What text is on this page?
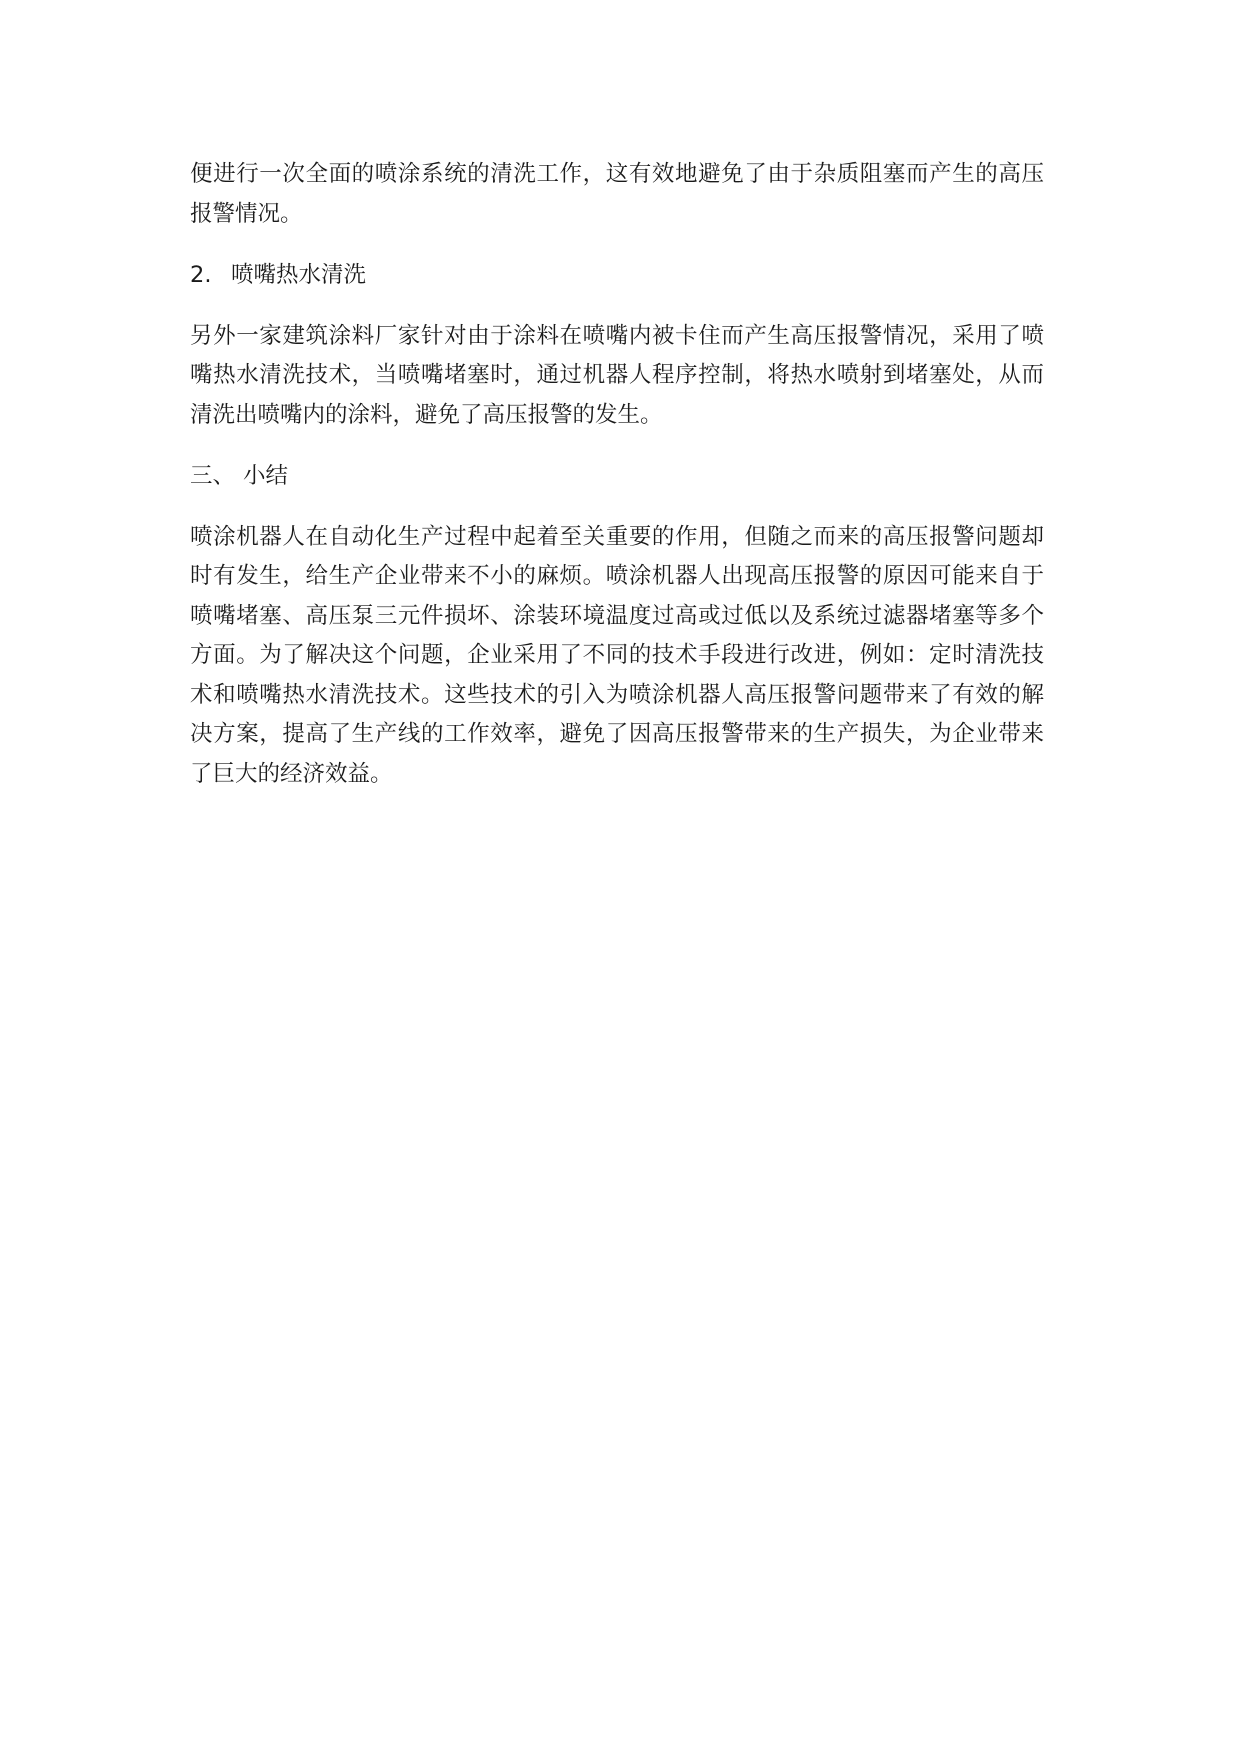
便进行一次全面的喷涂系统的清洗工作，这有效地避免了由于杂质阻塞而产生的高压
报警情况。
2. 喷嘴热水清洗
另外一家建筑涂料厂家针对由于涂料在喷嘴内被卡住而产生高压报警情况，采用了喷
嘴热水清洗技术，当喷嘴堵塞时，通过机器人程序控制，将热水喷射到堵塞处，从而
清洗出喷嘴内的涂料，避免了高压报警的发生。
三、 小结
喷涂机器人在自动化生产过程中起着至关重要的作用，但随之而来的高压报警问题却
时有发生，给生产企业带来不小的麻烦。喷涂机器人出现高压报警的原因可能来自于
喷嘴堵塞、高压泵三元件损坏、涂装环境温度过高或过低以及系统过滤器堵塞等多个
方面。为了解决这个问题，企业采用了不同的技术手段进行改进，例如：定时清洗技
术和喷嘴热水清洗技术。这些技术的引入为喷涂机器人高压报警问题带来了有效的解
决方案，提高了生产线的工作效率，避免了因高压报警带来的生产损失，为企业带来
了巨大的经济效益。
